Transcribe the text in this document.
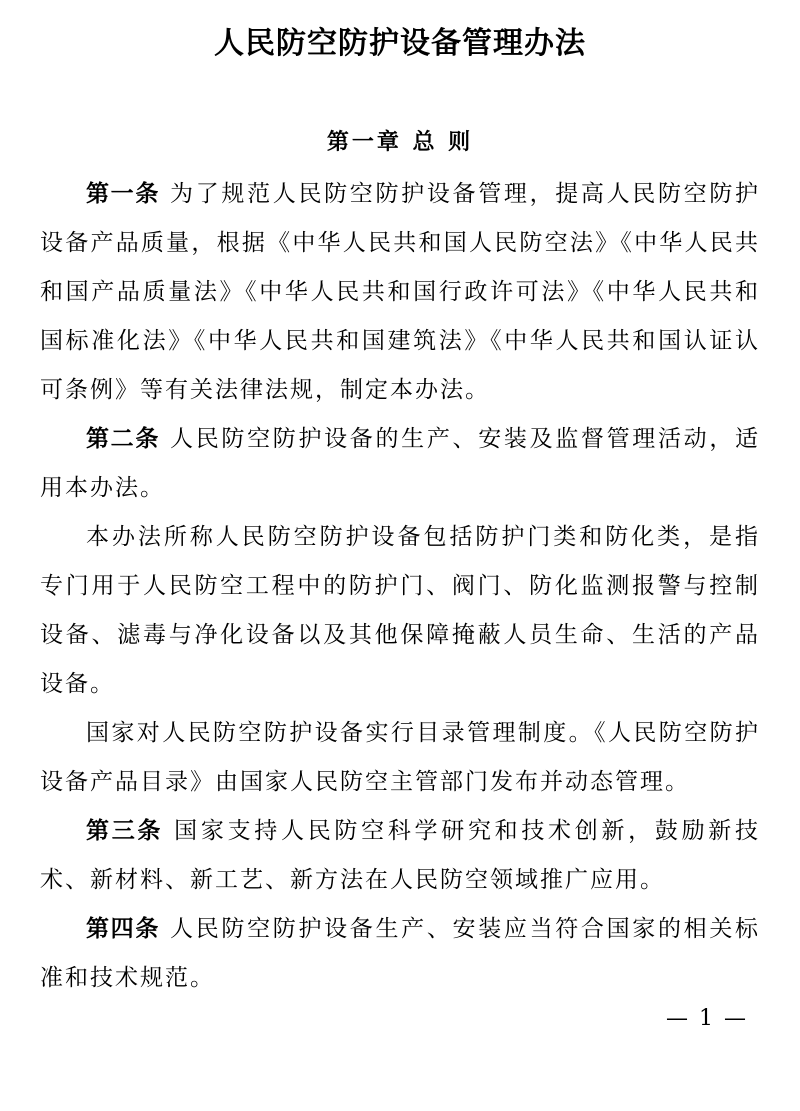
人民防空防护设备管理办法
第一章 总 则

第一条 为了规范人民防空防护设备管理，提高人民防空防护设备产品质量，根据《中华人民共和国人民防空法》《中华人民共和国产品质量法》《中华人民共和国行政许可法》《中华人民共和国标准化法》《中华人民共和国建筑法》《中华人民共和国认证认可条例》等有关法律法规，制定本办法。

第二条 人民防空防护设备的生产、安装及监督管理活动，适用本办法。

本办法所称人民防空防护设备包括防护门类和防化类，是指专门用于人民防空工程中的防护门、阀门、防化监测报警与控制设备、滤毒与净化设备以及其他保障掩蔽人员生命、生活的产品设备。

国家对人民防空防护设备实行目录管理制度。《人民防空防护设备产品目录》由国家人民防空主管部门发布并动态管理。

第三条 国家支持人民防空科学研究和技术创新，鼓励新技术、新材料、新工艺、新方法在人民防空领域推广应用。

第四条 人民防空防护设备生产、安装应当符合国家的相关标准和技术规范。

— 1 —
